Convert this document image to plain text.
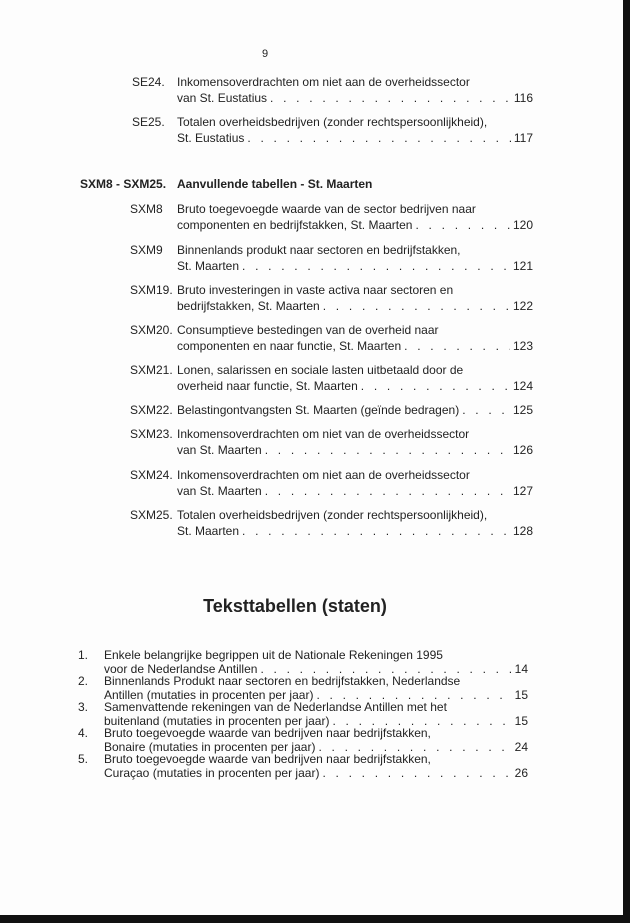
9
SE24. Inkomensoverdrachten om niet aan de overheidssector
van St. Eustatius . . .	116
SE25. Totalen overheidsbedrijven (zonder rechtspersoonlijkheid),
St. Eustatius . . .	117
SXM8 - SXM25. Aanvullende tabellen - St. Maarten
SXM8 Bruto toegevoegde waarde van de sector bedrijven naar
componenten en bedrijfstakken, St. Maarten . . .	120
SXM9 Binnenlands produkt naar sectoren en bedrijfstakken,
St. Maarten . . .	121
SXM19. Bruto investeringen in vaste activa naar sectoren en
bedrijfstakken, St. Maarten . . .	122
SXM20. Consumptieve bestedingen van de overheid naar
componenten en naar functie, St. Maarten . . .	123
SXM21. Lonen, salarissen en sociale lasten uitbetaald door de
overheid naar functie, St. Maarten . . .	124
SXM22. Belastingontvangsten St. Maarten (geïnde bedragen) . . .	125
SXM23. Inkomensoverdrachten om niet van de overheidssector
van St. Maarten . . .	126
SXM24. Inkomensoverdrachten om niet aan de overheidssector
van St. Maarten . . .	127
SXM25. Totalen overheidsbedrijven (zonder rechtspersoonlijkheid),
St. Maarten . . .	128
Teksttabellen (staten)
1. Enkele belangrijke begrippen uit de Nationale Rekeningen 1995
voor de Nederlandse Antillen . . .	14
2. Binnenlands Produkt naar sectoren en bedrijfstakken, Nederlandse
Antillen (mutaties in procenten per jaar) . . .	15
3. Samenvattende rekeningen van de Nederlandse Antillen met het
buitenland (mutaties in procenten per jaar) . . .	15
4. Bruto toegevoegde waarde van bedrijven naar bedrijfstakken,
Bonaire (mutaties in procenten per jaar) . . .	24
5. Bruto toegevoegde waarde van bedrijven naar bedrijfstakken,
Curaçao (mutaties in procenten per jaar) . . .	26
